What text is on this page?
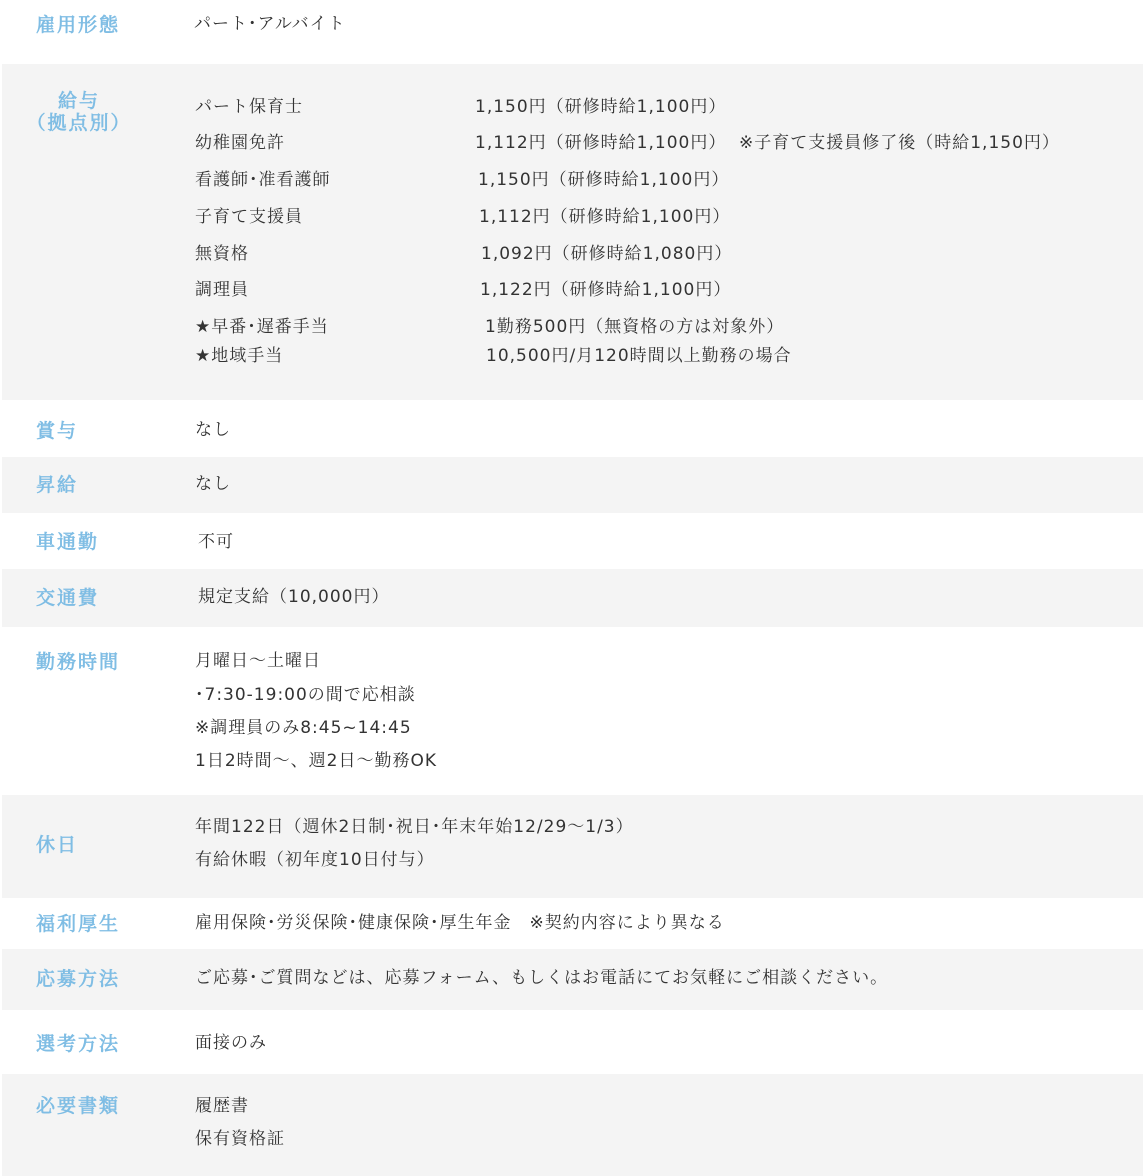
雇用形態	パート･アルバイト
給与
（拠点別）
パート保育士	1,150円（研修時給1,100円）
幼稚園免許	1,112円（研修時給1,100円） ※子育て支援員修了後（時給1,150円）
看護師･准看護師	1,150円（研修時給1,100円）
子育て支援員	1,112円（研修時給1,100円）
無資格	1,092円（研修時給1,080円）
調理員	1,122円（研修時給1,100円）
★早番･遅番手当	1勤務500円（無資格の方は対象外）
★地域手当	10,500円/月120時間以上勤務の場合
賞与	なし
昇給	なし
車通勤	不可
交通費	規定支給（10,000円）
勤務時間	月曜日〜土曜日
･7:30-19:00の間で応相談
※調理員のみ8:45~14:45
1日2時間〜、週2日〜勤務OK
休日
年間122日（週休2日制･祝日･年末年始12/29〜1/3）
有給休暇（初年度10日付与）
福利厚生	雇用保険･労災保険･健康保険･厚生年金　※契約内容により異なる
応募方法	ご応募･ご質問などは、応募フォーム、もしくはお電話にてお気軽にご相談ください。
選考方法	面接のみ
必要書類	履歴書
保有資格証
